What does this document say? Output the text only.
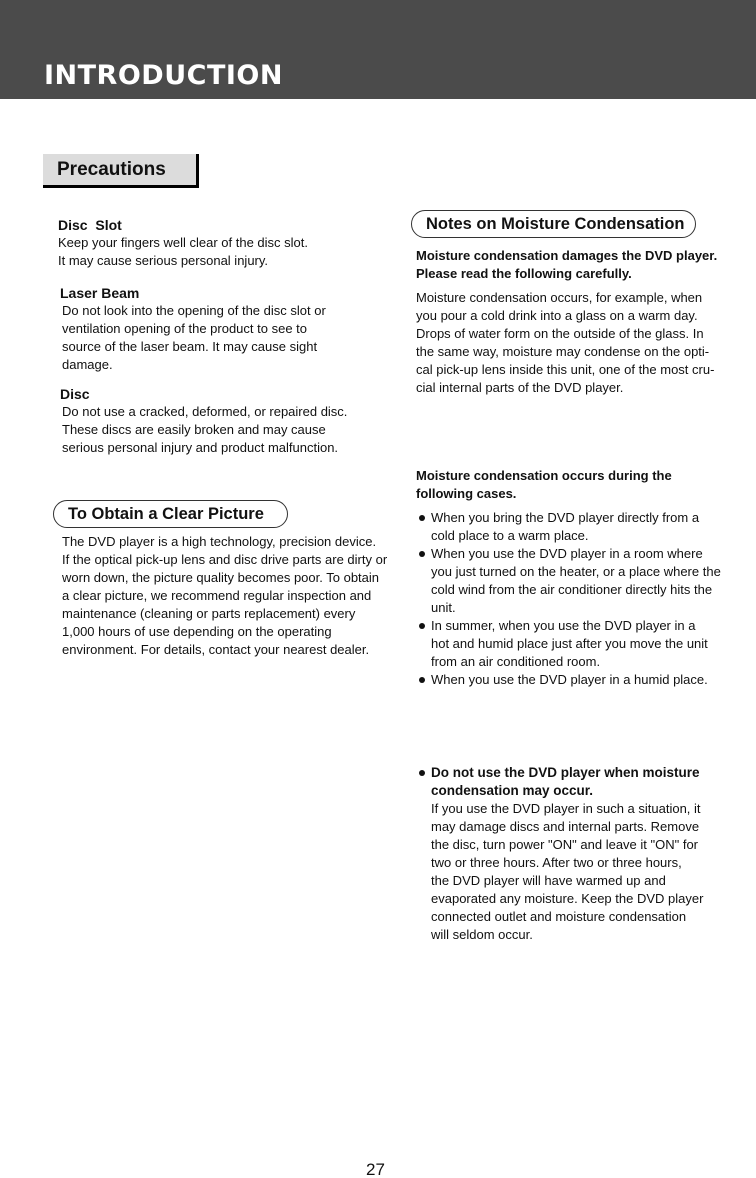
INTRODUCTION
Precautions
Disc  Slot

Keep your fingers well clear of the disc slot.

It may cause serious personal injury.

Laser Beam

Do not look into the opening of the disc slot or

ventilation opening of the product to see to

source of the laser beam. It may cause sight

damage.

Disc

Do not use a cracked, deformed, or repaired disc.

These discs are easily broken and may cause

serious personal injury and product malfunction.

To Obtain a Clear Picture

The DVD player is a high technology, precision device.

If the optical pick-up lens and disc drive parts are dirty or

worn down, the picture quality becomes poor. To obtain

a clear picture, we recommend regular inspection and

maintenance (cleaning or parts replacement) every

1,000 hours of use depending on the operating

environment. For details, contact your nearest dealer.

Notes on Moisture Condensation

Moisture condensation damages the DVD player.

Please read the following carefully.

Moisture condensation occurs, for example, when

you pour a cold drink into a glass on a warm day.

Drops of water form on the outside of the glass. In

the same way, moisture may condense on the opti-

cal pick-up lens inside this unit, one of the most cru-

cial internal parts of the DVD player.

Moisture condensation occurs during the

following cases.

When you bring the DVD player directly from a
cold place to a warm place.
When you use the DVD player in a room where
you just turned on the heater, or a place where the
cold wind from the air conditioner directly hits the
unit.
In summer, when you use the DVD player in a
hot and humid place just after you move the unit
from an air conditioned room.
When you use the DVD player in a humid place.
Do not use the DVD player when moisture
condensation may occur.
If you use the DVD player in such a situation, it
may damage discs and internal parts. Remove
the disc, turn power "ON" and leave it "ON" for
two or three hours. After two or three hours,
the DVD player will have warmed up and
evaporated any moisture. Keep the DVD player
connected outlet and moisture condensation
will seldom occur.
27
